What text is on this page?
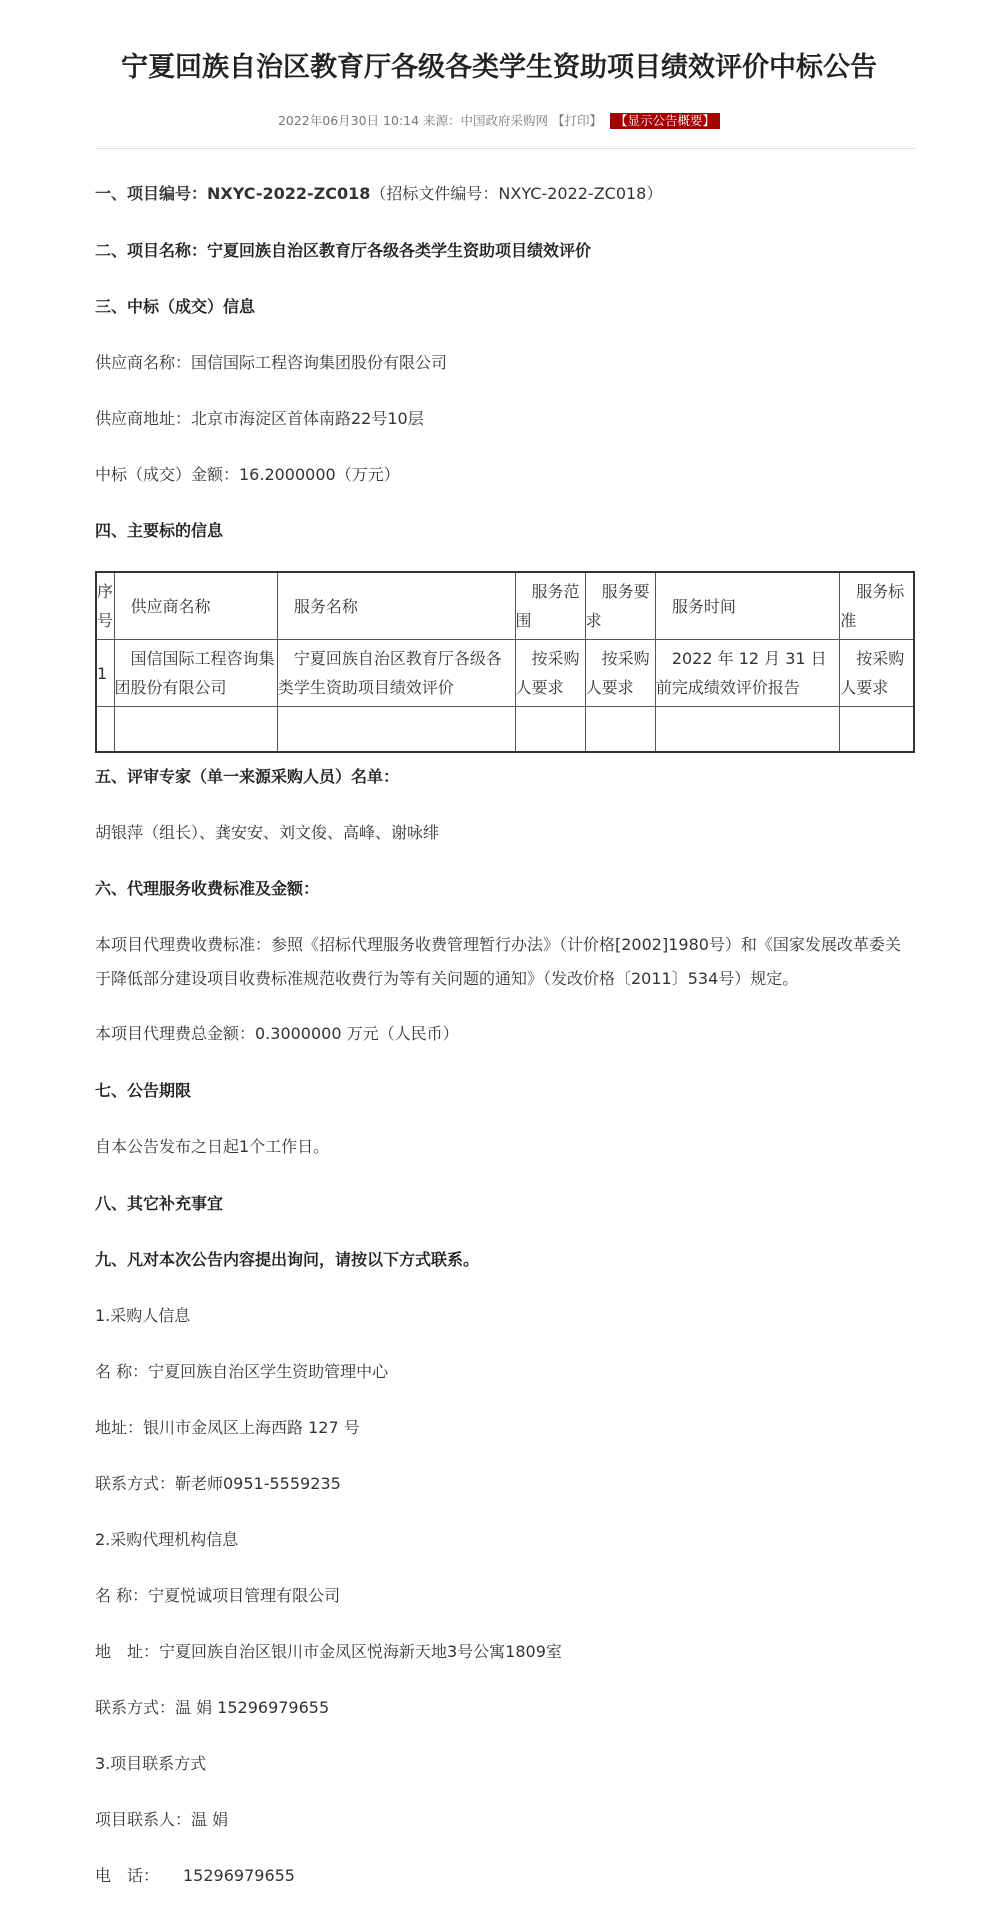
宁夏回族自治区教育厅各级各类学生资助项目绩效评价中标公告
2022年06月30日 10:14 来源：中国政府采购网 【打印】 【显示公告概要】

一、项目编号：NXYC-2022-ZC018（招标文件编号：NXYC-2022-ZC018）

二、项目名称：宁夏回族自治区教育厅各级各类学生资助项目绩效评价

三、中标（成交）信息

供应商名称：国信国际工程咨询集团股份有限公司

供应商地址：北京市海淀区首体南路22号10层

中标（成交）金额：16.2000000（万元）

四、主要标的信息

序号	　供应商名称	　服务名称	　服务范围	　服务要求	　服务时间	　服务标准
1	　国信国际工程咨询集团股份有限公司	　宁夏回族自治区教育厅各级各类学生资助项目绩效评价	　按采购人要求	　按采购人要求	　2022 年 12 月 31 日前完成绩效评价报告	　按采购人要求

五、评审专家（单一来源采购人员）名单：

胡银萍（组长）、龚安安、刘文俊、高峰、谢咏绯

六、代理服务收费标准及金额：

本项目代理费收费标准：参照《招标代理服务收费管理暂行办法》（计价格[2002]1980号）和《国家发展改革委关于降低部分建设项目收费标准规范收费行为等有关问题的通知》（发改价格〔2011〕534号）规定。

本项目代理费总金额：0.3000000 万元（人民币）

七、公告期限

自本公告发布之日起1个工作日。

八、其它补充事宜

九、凡对本次公告内容提出询问，请按以下方式联系。

1.采购人信息

名 称：宁夏回族自治区学生资助管理中心

地址：银川市金凤区上海西路 127 号

联系方式：靳老师0951-5559235

2.采购代理机构信息

名 称：宁夏悦诚项目管理有限公司

地　址：宁夏回族自治区银川市金凤区悦海新天地3号公寓1809室

联系方式：温 娟 15296979655

3.项目联系方式

项目联系人：温 娟

电　话：　　15296979655
